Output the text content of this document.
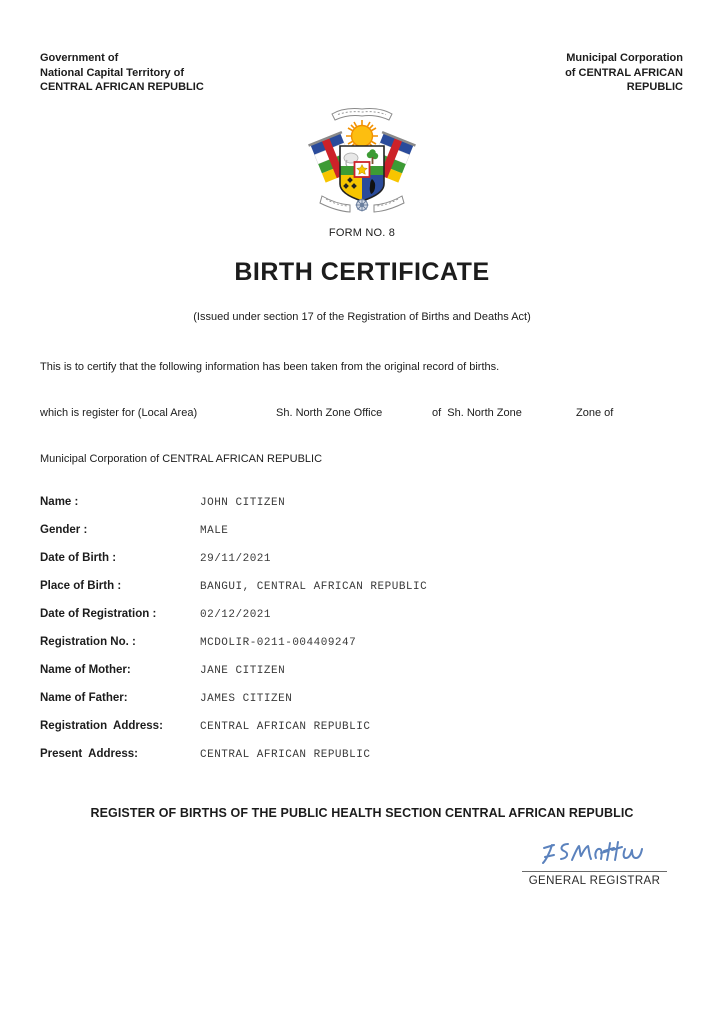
Government of
National Capital Territory of
CENTRAL AFRICAN REPUBLIC
Municipal Corporation
of CENTRAL AFRICAN
REPUBLIC
FORM NO. 8
BIRTH CERTIFICATE
(Issued under section 17 of the Registration of Births and Deaths Act)
This is to certify that the following information has been taken from the original record of births.
which is register for (Local Area)	Sh. North Zone Office	of  Sh. North Zone	Zone of
Municipal Corporation of CENTRAL AFRICAN REPUBLIC
Name :	JOHN CITIZEN
Gender :	MALE
Date of Birth :	29/11/2021
Place of Birth :	BANGUI, CENTRAL AFRICAN REPUBLIC
Date of Registration :	02/12/2021
Registration No. :	MCDOLIR-0211-004409247
Name of Mother:	JANE CITIZEN
Name of Father:	JAMES CITIZEN
Registration  Address:	CENTRAL AFRICAN REPUBLIC
Present  Address:	CENTRAL AFRICAN REPUBLIC
REGISTER OF BIRTHS OF THE PUBLIC HEALTH SECTION CENTRAL AFRICAN REPUBLIC
GENERAL REGISTRAR
